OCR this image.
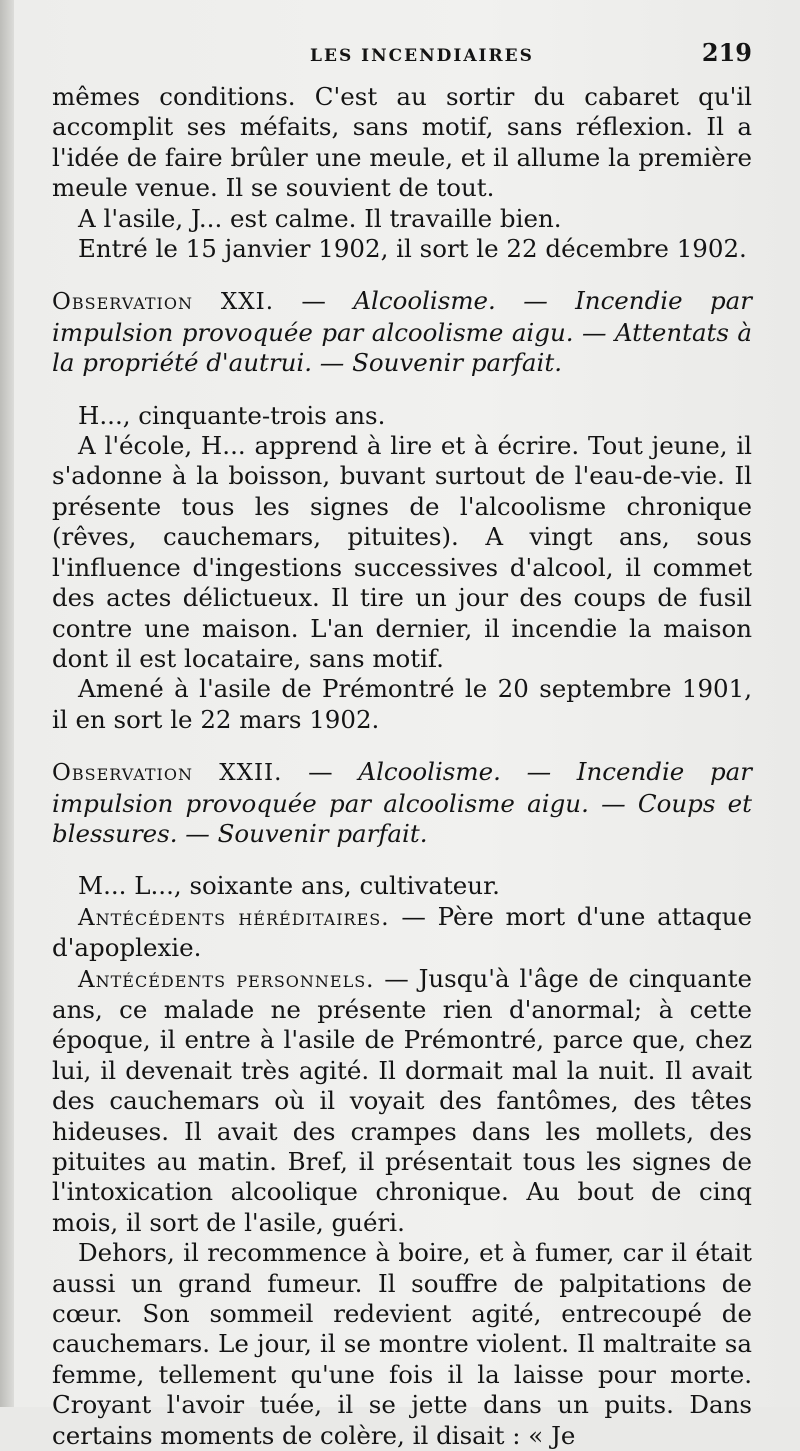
LES INCENDIAIRES	219

mêmes conditions. C'est au sortir du cabaret qu'il accomplit ses méfaits, sans motif, sans réflexion. Il a l'idée de faire brûler une meule, et il allume la première meule venue. Il se souvient de tout.

A l'asile, J... est calme. Il travaille bien.

Entré le 15 janvier 1902, il sort le 22 décembre 1902.

Observation XXI. — Alcoolisme. — Incendie par impulsion provoquée par alcoolisme aigu. — Attentats à la propriété d'autrui. — Souvenir parfait.

H..., cinquante-trois ans.

A l'école, H... apprend à lire et à écrire. Tout jeune, il s'adonne à la boisson, buvant surtout de l'eau-de-vie. Il présente tous les signes de l'alcoolisme chronique (rêves, cauchemars, pituites). A vingt ans, sous l'influence d'ingestions successives d'alcool, il commet des actes délictueux. Il tire un jour des coups de fusil contre une maison. L'an dernier, il incendie la maison dont il est locataire, sans motif.

Amené à l'asile de Prémontré le 20 septembre 1901, il en sort le 22 mars 1902.

Observation XXII. — Alcoolisme. — Incendie par impulsion provoquée par alcoolisme aigu. — Coups et blessures. — Souvenir parfait.

M... L..., soixante ans, cultivateur.

Antécédents héréditaires. — Père mort d'une attaque d'apoplexie.

Antécédents personnels. — Jusqu'à l'âge de cinquante ans, ce malade ne présente rien d'anormal; à cette époque, il entre à l'asile de Prémontré, parce que, chez lui, il devenait très agité. Il dormait mal la nuit. Il avait des cauchemars où il voyait des fantômes, des têtes hideuses. Il avait des crampes dans les mollets, des pituites au matin. Bref, il présentait tous les signes de l'intoxication alcoolique chronique. Au bout de cinq mois, il sort de l'asile, guéri.

Dehors, il recommence à boire, et à fumer, car il était aussi un grand fumeur. Il souffre de palpitations de cœur. Son sommeil redevient agité, entrecoupé de cauchemars. Le jour, il se montre violent. Il maltraite sa femme, tellement qu'une fois il la laisse pour morte. Croyant l'avoir tuée, il se jette dans un puits. Dans certains moments de colère, il disait : « Je
